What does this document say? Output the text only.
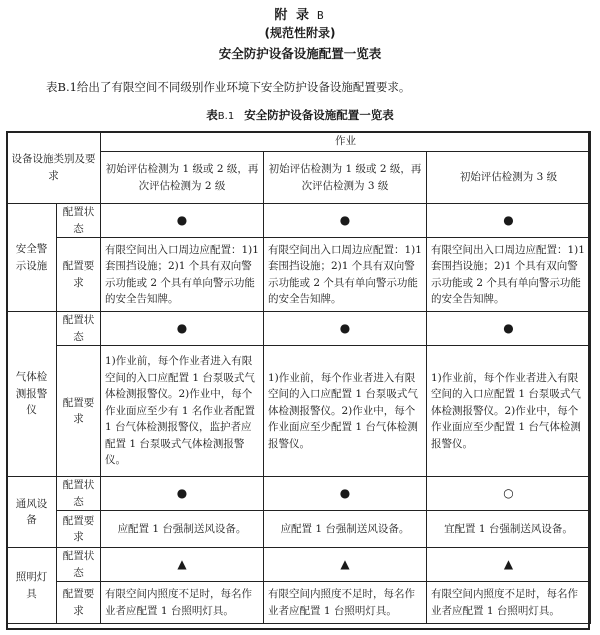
附 录 B
(规范性附录)
安全防护设备设施配置一览表
表B.1给出了有限空间不同级别作业环境下安全防护设备设施配置要求。
表B.1 安全防护设备设施配置一览表
设备设施类别及要求		作业		
		初始评估检测为 1 级或 2 级，再次评估检测为 2 级	初始评估检测为 1 级或 2 级，再次评估检测为 3 级	初始评估检测为 3 级
安全警示设施	配置状态	●	●	●
	配置要求	有限空间出入口周边应配置：1)1 套围挡设施；2)1 个具有双向警示功能或 2 个具有单向警示功能的安全告知牌。	有限空间出入口周边应配置：1)1 套围挡设施；2)1 个具有双向警示功能或 2 个具有单向警示功能的安全告知牌。	有限空间出入口周边应配置：1)1 套围挡设施；2)1 个具有双向警示功能或 2 个具有单向警示功能的安全告知牌。
气体检测报警仪	配置状态	●	●	●
	配置要求	1)作业前，每个作业者进入有限空间的入口应配置 1 台泵吸式气体检测报警仪。2)作业中，每个作业面应至少有 1 名作业者配置 1 台气体检测报警仪，监护者应配置 1 台泵吸式气体检测报警仪。	1)作业前，每个作业者进入有限空间的入口应配置 1 台泵吸式气体检测报警仪。2)作业中，每个作业面应至少配置 1 台气体检测报警仪。	1)作业前，每个作业者进入有限空间的入口应配置 1 台泵吸式气体检测报警仪。2)作业中，每个作业面应至少配置 1 台气体检测报警仪。
通风设备	配置状态	●	●	○
	配置要求	应配置 1 台强制送风设备。	应配置 1 台强制送风设备。	宜配置 1 台强制送风设备。
照明灯具	配置状态	▲	▲	▲
	配置要求	有限空间内照度不足时，每名作业者应配置 1 台照明灯具。	有限空间内照度不足时，每名作业者应配置 1 台照明灯具。	有限空间内照度不足时，每名作业者应配置 1 台照明灯具。
